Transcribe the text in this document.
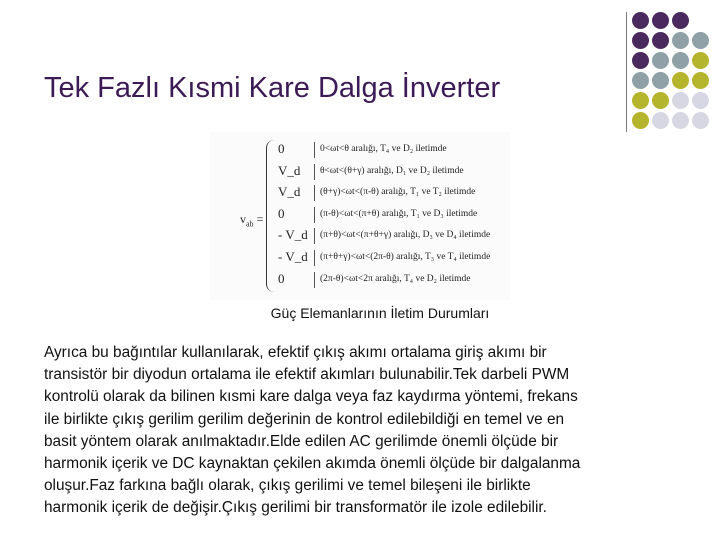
Tek Fazlı Kısmi Kare Dalga İnverter
$v_{ab}$ =
0	0<ωt<θ aralığı, T₄ ve D₂ iletimde
V_d	θ<ωt<(θ+γ) aralığı, D₁ ve D₂ iletimde
V_d	(θ+γ)<ωt<(π-θ) aralığı, T₁ ve T₂ iletimde
0	(π-θ)<ωt<(π+θ) aralığı, T₁ ve D₃ iletimde
- V_d	(π+θ)<ωt<(π+θ+γ) aralığı, D₃ ve D₄ iletimde
- V_d	(π+θ+γ)<ωt<(2π-θ) aralığı, T₃ ve T₄ iletimde
0	(2π-θ)<ωt<2π aralığı, T₄ ve D₂ iletimde
Güç Elemanlarının İletim Durumları
Ayrıca bu bağıntılar kullanılarak, efektif çıkış akımı ortalama giriş akımı bir
transistör bir diyodun ortalama ile efektif akımları bulunabilir.Tek darbeli PWM
kontrolü olarak da bilinen kısmi kare dalga veya faz kaydırma yöntemi, frekans
ile birlikte çıkış gerilim gerilim değerinin de kontrol edilebildiği en temel ve en
basit yöntem olarak anılmaktadır.Elde edilen AC gerilimde önemli ölçüde bir
harmonik içerik ve DC kaynaktan çekilen akımda önemli ölçüde bir dalgalanma
oluşur.Faz farkına bağlı olarak, çıkış gerilimi ve temel bileşeni ile birlikte
harmonik içerik de değişir.Çıkış gerilimi bir transformatör ile izole edilebilir.
